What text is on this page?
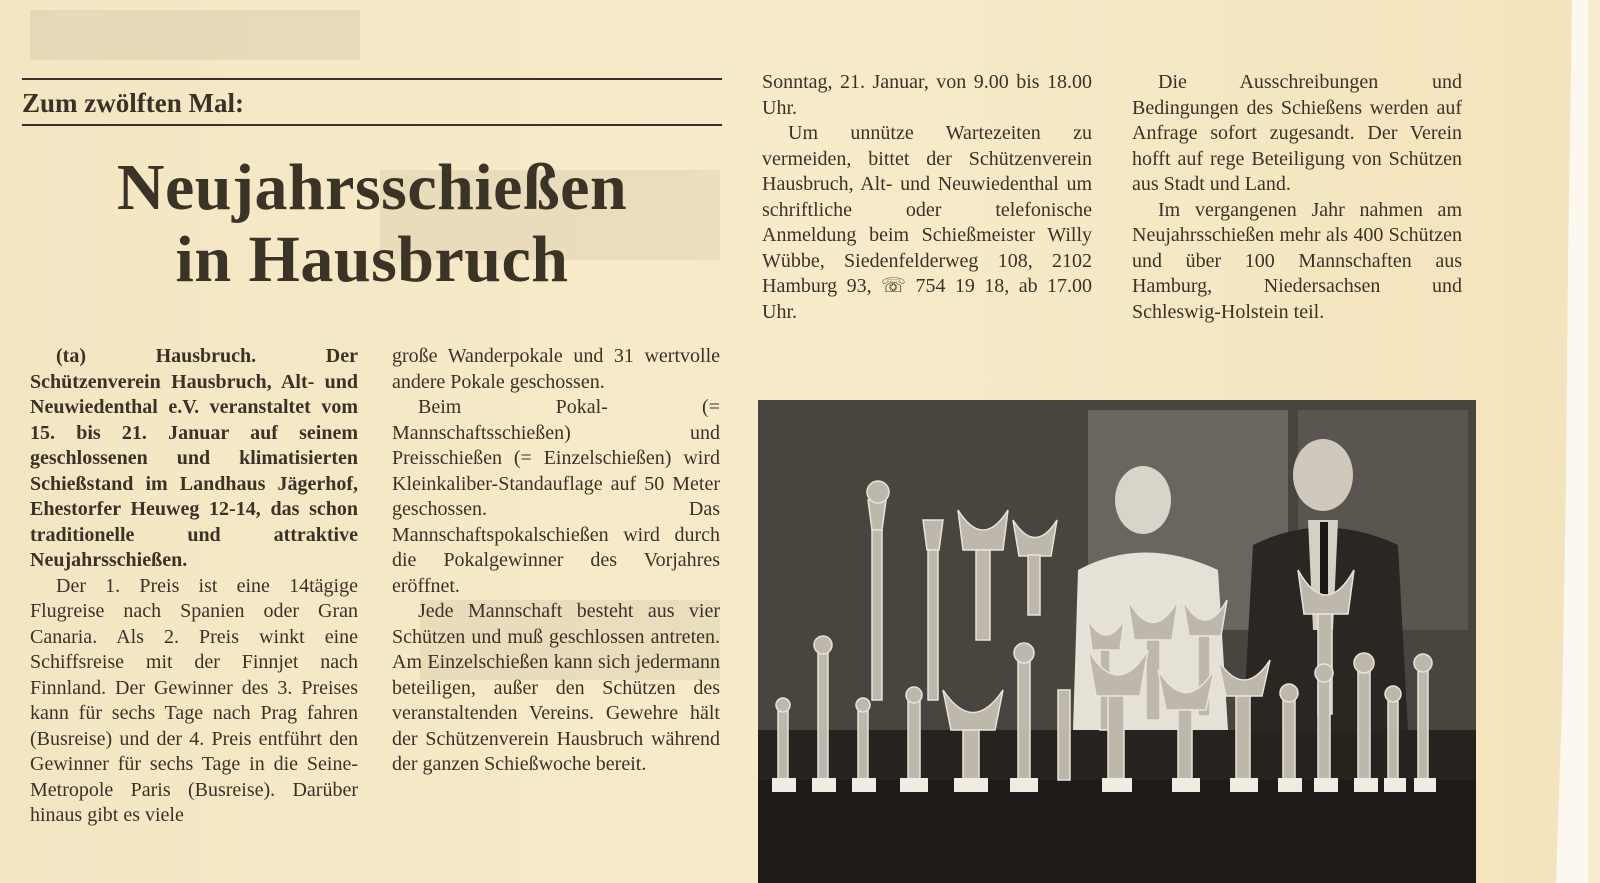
Zum zwölften Mal:
Neujahrsschießen
in Hausbruch

(ta) Hausbruch. Der Schützenverein Hausbruch, Alt- und Neuwiedenthal e.V. veranstaltet vom 15. bis 21. Januar auf seinem geschlossenen und klimatisierten Schießstand im Landhaus Jägerhof, Ehestorfer Heuweg 12-14, das schon traditionelle und attraktive Neujahrsschießen.

Der 1. Preis ist eine 14tägige Flugreise nach Spanien oder Gran Canaria. Als 2. Preis winkt eine Schiffsreise mit der Finnjet nach Finnland. Der Gewinner des 3. Preises kann für sechs Tage nach Prag fahren (Busreise) und der 4. Preis entführt den Gewinner für sechs Tage in die Seine-Metropole Paris (Busreise). Darüber hinaus gibt es viele

große Wanderpokale und 31 wertvolle andere Pokale geschossen.

Beim Pokal- (= Mannschaftsschießen) und Preisschießen (= Einzelschießen) wird Kleinkaliber-Standauflage auf 50 Meter geschossen. Das Mannschaftspokalschießen wird durch die Pokalgewinner des Vorjahres eröffnet.

Jede Mannschaft besteht aus vier Schützen und muß geschlossen antreten. Am Einzelschießen kann sich jedermann beteiligen, außer den Schützen des veranstaltenden Vereins. Gewehre hält der Schützenverein Hausbruch während der ganzen Schießwoche bereit.

Sonntag, 21. Januar, von 9.00 bis 18.00 Uhr.

Um unnütze Wartezeiten zu vermeiden, bittet der Schützenverein Hausbruch, Alt- und Neuwiedenthal um schriftliche oder telefonische Anmeldung beim Schießmeister Willy Wübbe, Siedenfelderweg 108, 2102 Hamburg 93, ☏ 754 19 18, ab 17.00 Uhr.

Die Ausschreibungen und Bedingungen des Schießens werden auf Anfrage sofort zugesandt. Der Verein hofft auf rege Beteiligung von Schützen aus Stadt und Land.

Im vergangenen Jahr nahmen am Neujahrsschießen mehr als 400 Schützen und über 100 Mannschaften aus Hamburg, Niedersachsen und Schleswig-Holstein teil.
